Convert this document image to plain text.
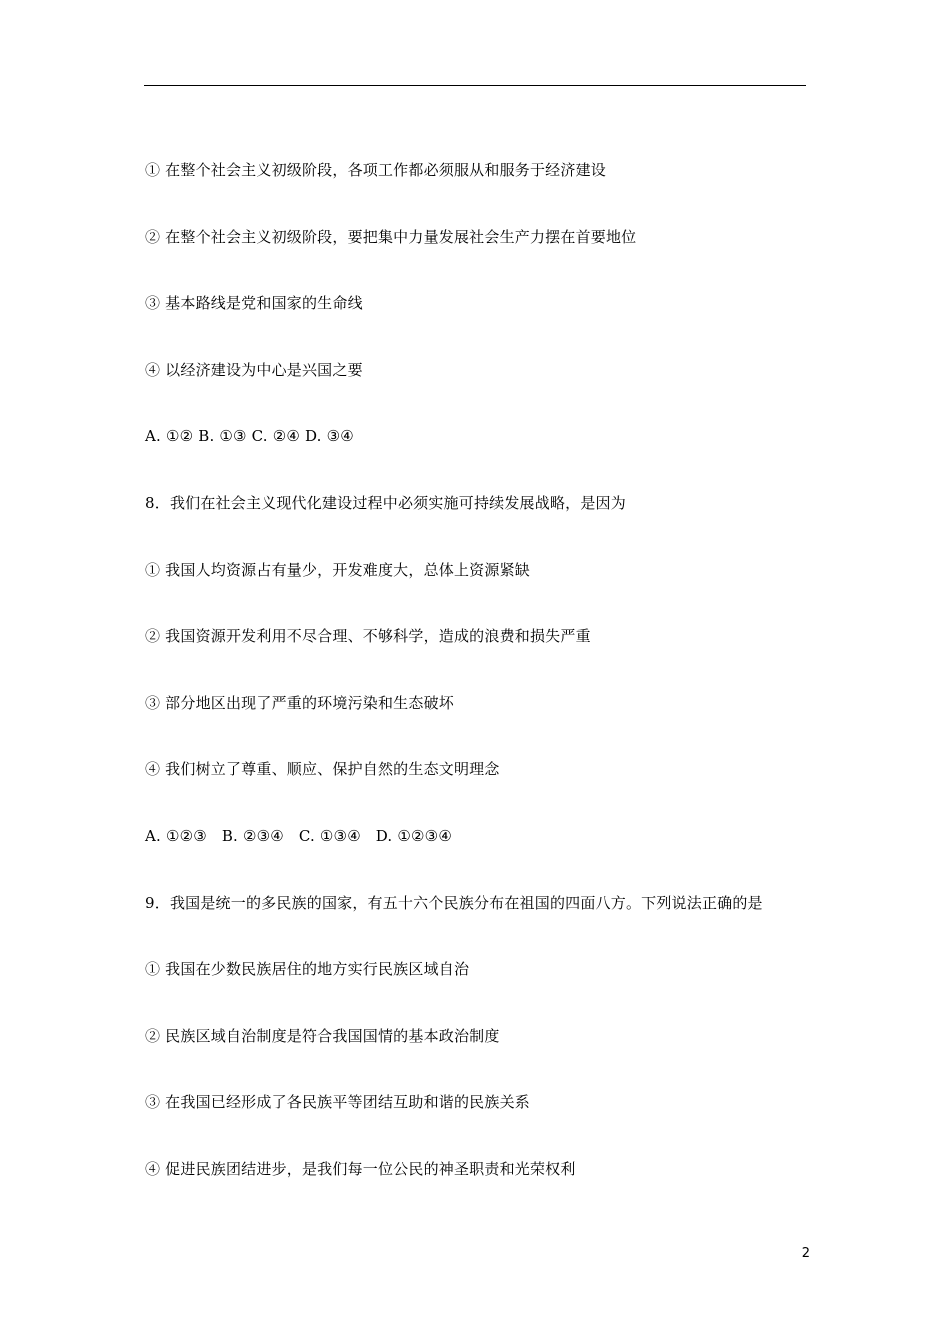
① 在整个社会主义初级阶段，各项工作都必须服从和服务于经济建设
② 在整个社会主义初级阶段，要把集中力量发展社会生产力摆在首要地位
③ 基本路线是党和国家的生命线
④ 以经济建设为中心是兴国之要
A. ①② B. ①③ C. ②④ D. ③④
8．我们在社会主义现代化建设过程中必须实施可持续发展战略，是因为
① 我国人均资源占有量少，开发难度大，总体上资源紧缺
② 我国资源开发利用不尽合理、不够科学，造成的浪费和损失严重
③ 部分地区出现了严重的环境污染和生态破坏
④ 我们树立了尊重、顺应、保护自然的生态文明理念
A. ①②③   B. ②③④   C. ①③④   D. ①②③④
9．我国是统一的多民族的国家，有五十六个民族分布在祖国的四面八方。下列说法正确的是
① 我国在少数民族居住的地方实行民族区域自治
② 民族区域自治制度是符合我国国情的基本政治制度
③ 在我国已经形成了各民族平等团结互助和谐的民族关系
④ 促进民族团结进步，是我们每一位公民的神圣职责和光荣权利
2
